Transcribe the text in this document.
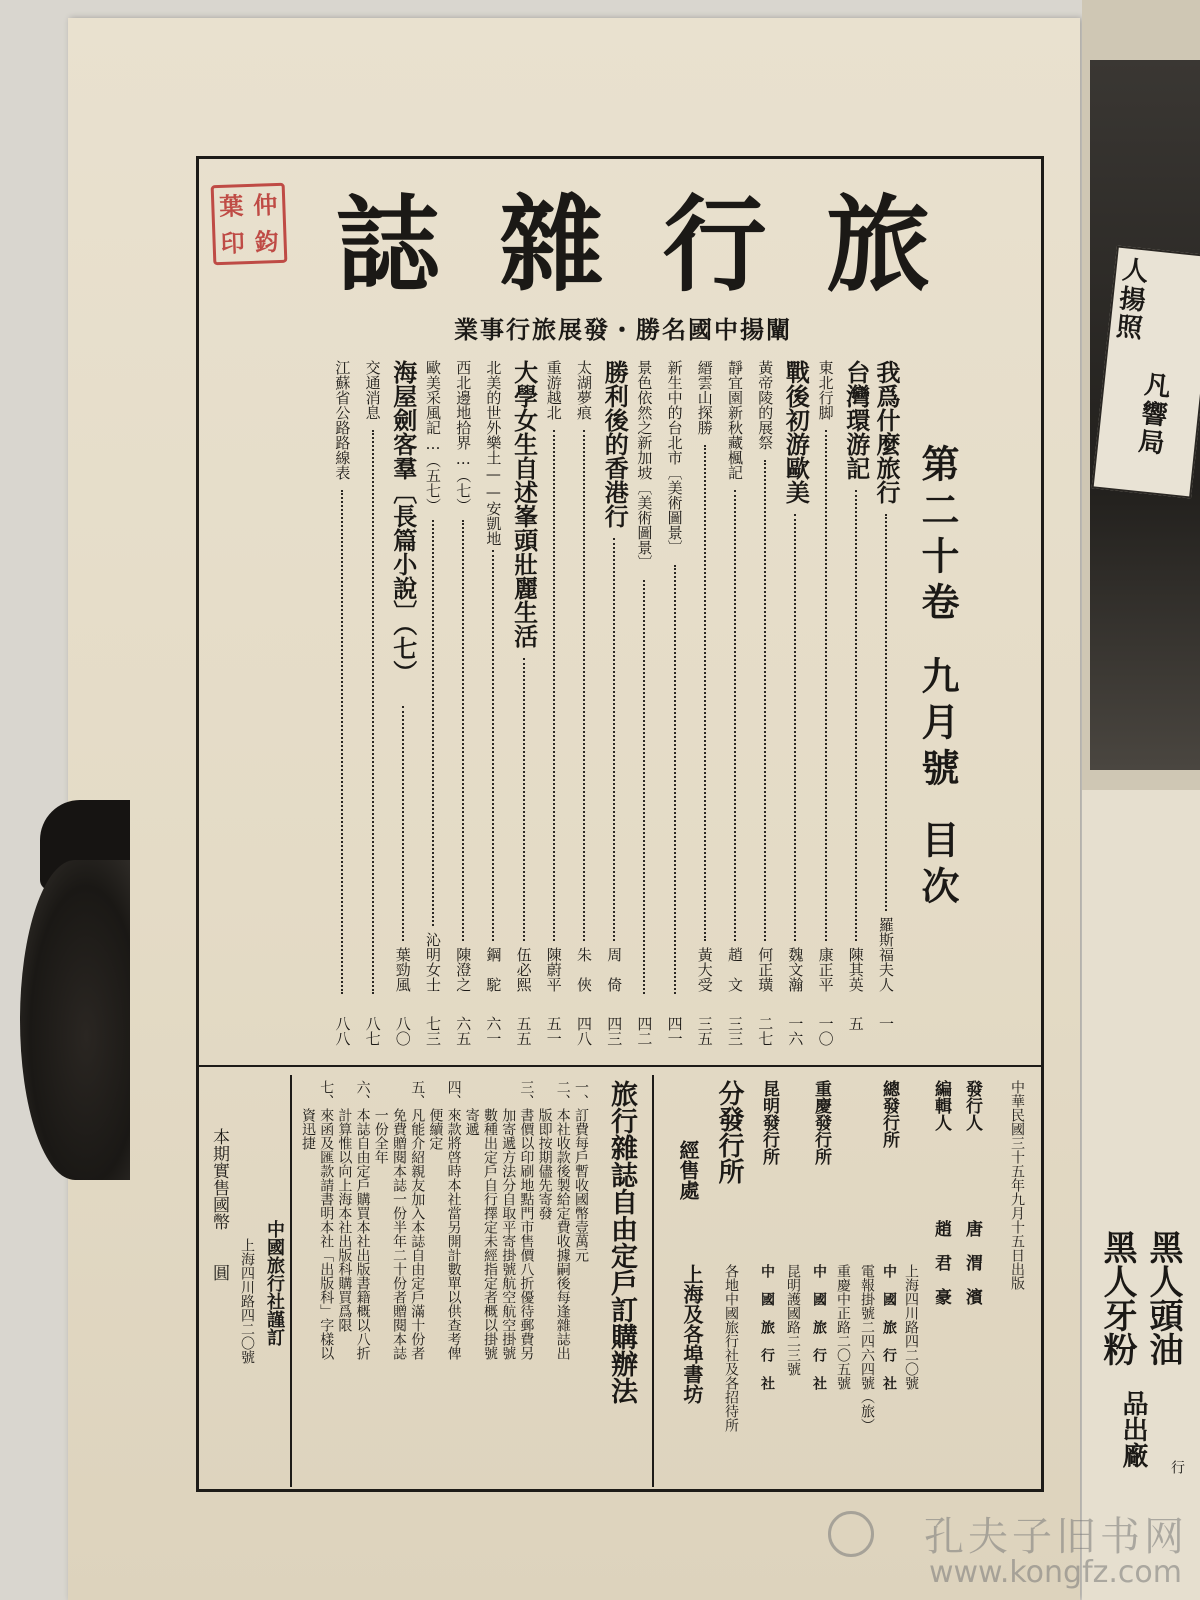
葉 仲
印 鈞	旅
行
雜
誌
闡揚中國名勝・發展旅行事業
第二十卷
九月號
目次
我爲什麼旅行
羅斯福夫人
一
台灣環游記
陳其英
五
東北行脚
康正平
一〇
戰後初游歐美
魏文瀚
一六
黃帝陵的展祭
何正璜
二七
靜宜園新秋藏楓記
趙　文
三三
縉雲山探勝
黃大受
三五
新生中的台北市〔美術圖景〕
四一
景色依然之新加坡〔美術圖景〕
四二
勝利後的香港行
周　倚
四三
太湖夢痕
朱　俠
四八
重游越北
陳蔚平
五一
大學女生自述峯頭壯麗生活
伍必熙
五五
北美的世外樂土——安凱地
鋼　駝
六一
西北邊地拾界…（七）
陳澄之
六五
歐美采風記…（五七）
沁明女士
七三
海屋劍客羣〔長篇小說〕（七）
葉勁風
八〇
交通消息
八七
江蘇省公路路線表
八八
中華民國三十五年九月十五日出版
發行人
唐　渭　濱
編輯人
趙　君　豪
總發行所
上海四川路四二〇號
中　國　旅　行　社
電報掛號二四六四號（旅）
重慶發行所
重慶中正路二〇五號
中　國　旅　行　社
昆明發行所
昆明護國路二三號
中　國　旅　行　社
分發行所
各地中國旅行社及各招待所
經售處
上海及各埠書坊
旅行雜誌自由定戶訂購辦法
一、訂費每戶暫收國幣壹萬元
二、本社收款後製給定費收據嗣後每逢雜誌出
　　版即按期儘先寄發
三、書價以印刷地點門市售價八折優待郵費另
　　加寄遞方法分自取平寄掛號航空航空掛號
　　數種出定戶自行擇定未經指定者概以掛號
　　寄遞
四、來款將啓時本社當另開計數單以供查考俾
　　便續定
五、凡能介紹親友加入本誌自由定戶滿十份者
　　免費贈閱本誌一份半年二十份者贈閱本誌
　　一份全年
六、本誌自由定戶購買本社出版書籍概以八折
　　計算惟以向上海本社出版科購買爲限
七、來函及匯款請書明本社「出版科」字樣以
　　資迅捷
中國旅行社謹訂
上海四川路四二〇號
本期實售國幣　　圓
人
揚
照
凡
響
局
黑人牙粉 黑人頭油
品出廠 行
孔夫子旧书网
www.kongfz.com
